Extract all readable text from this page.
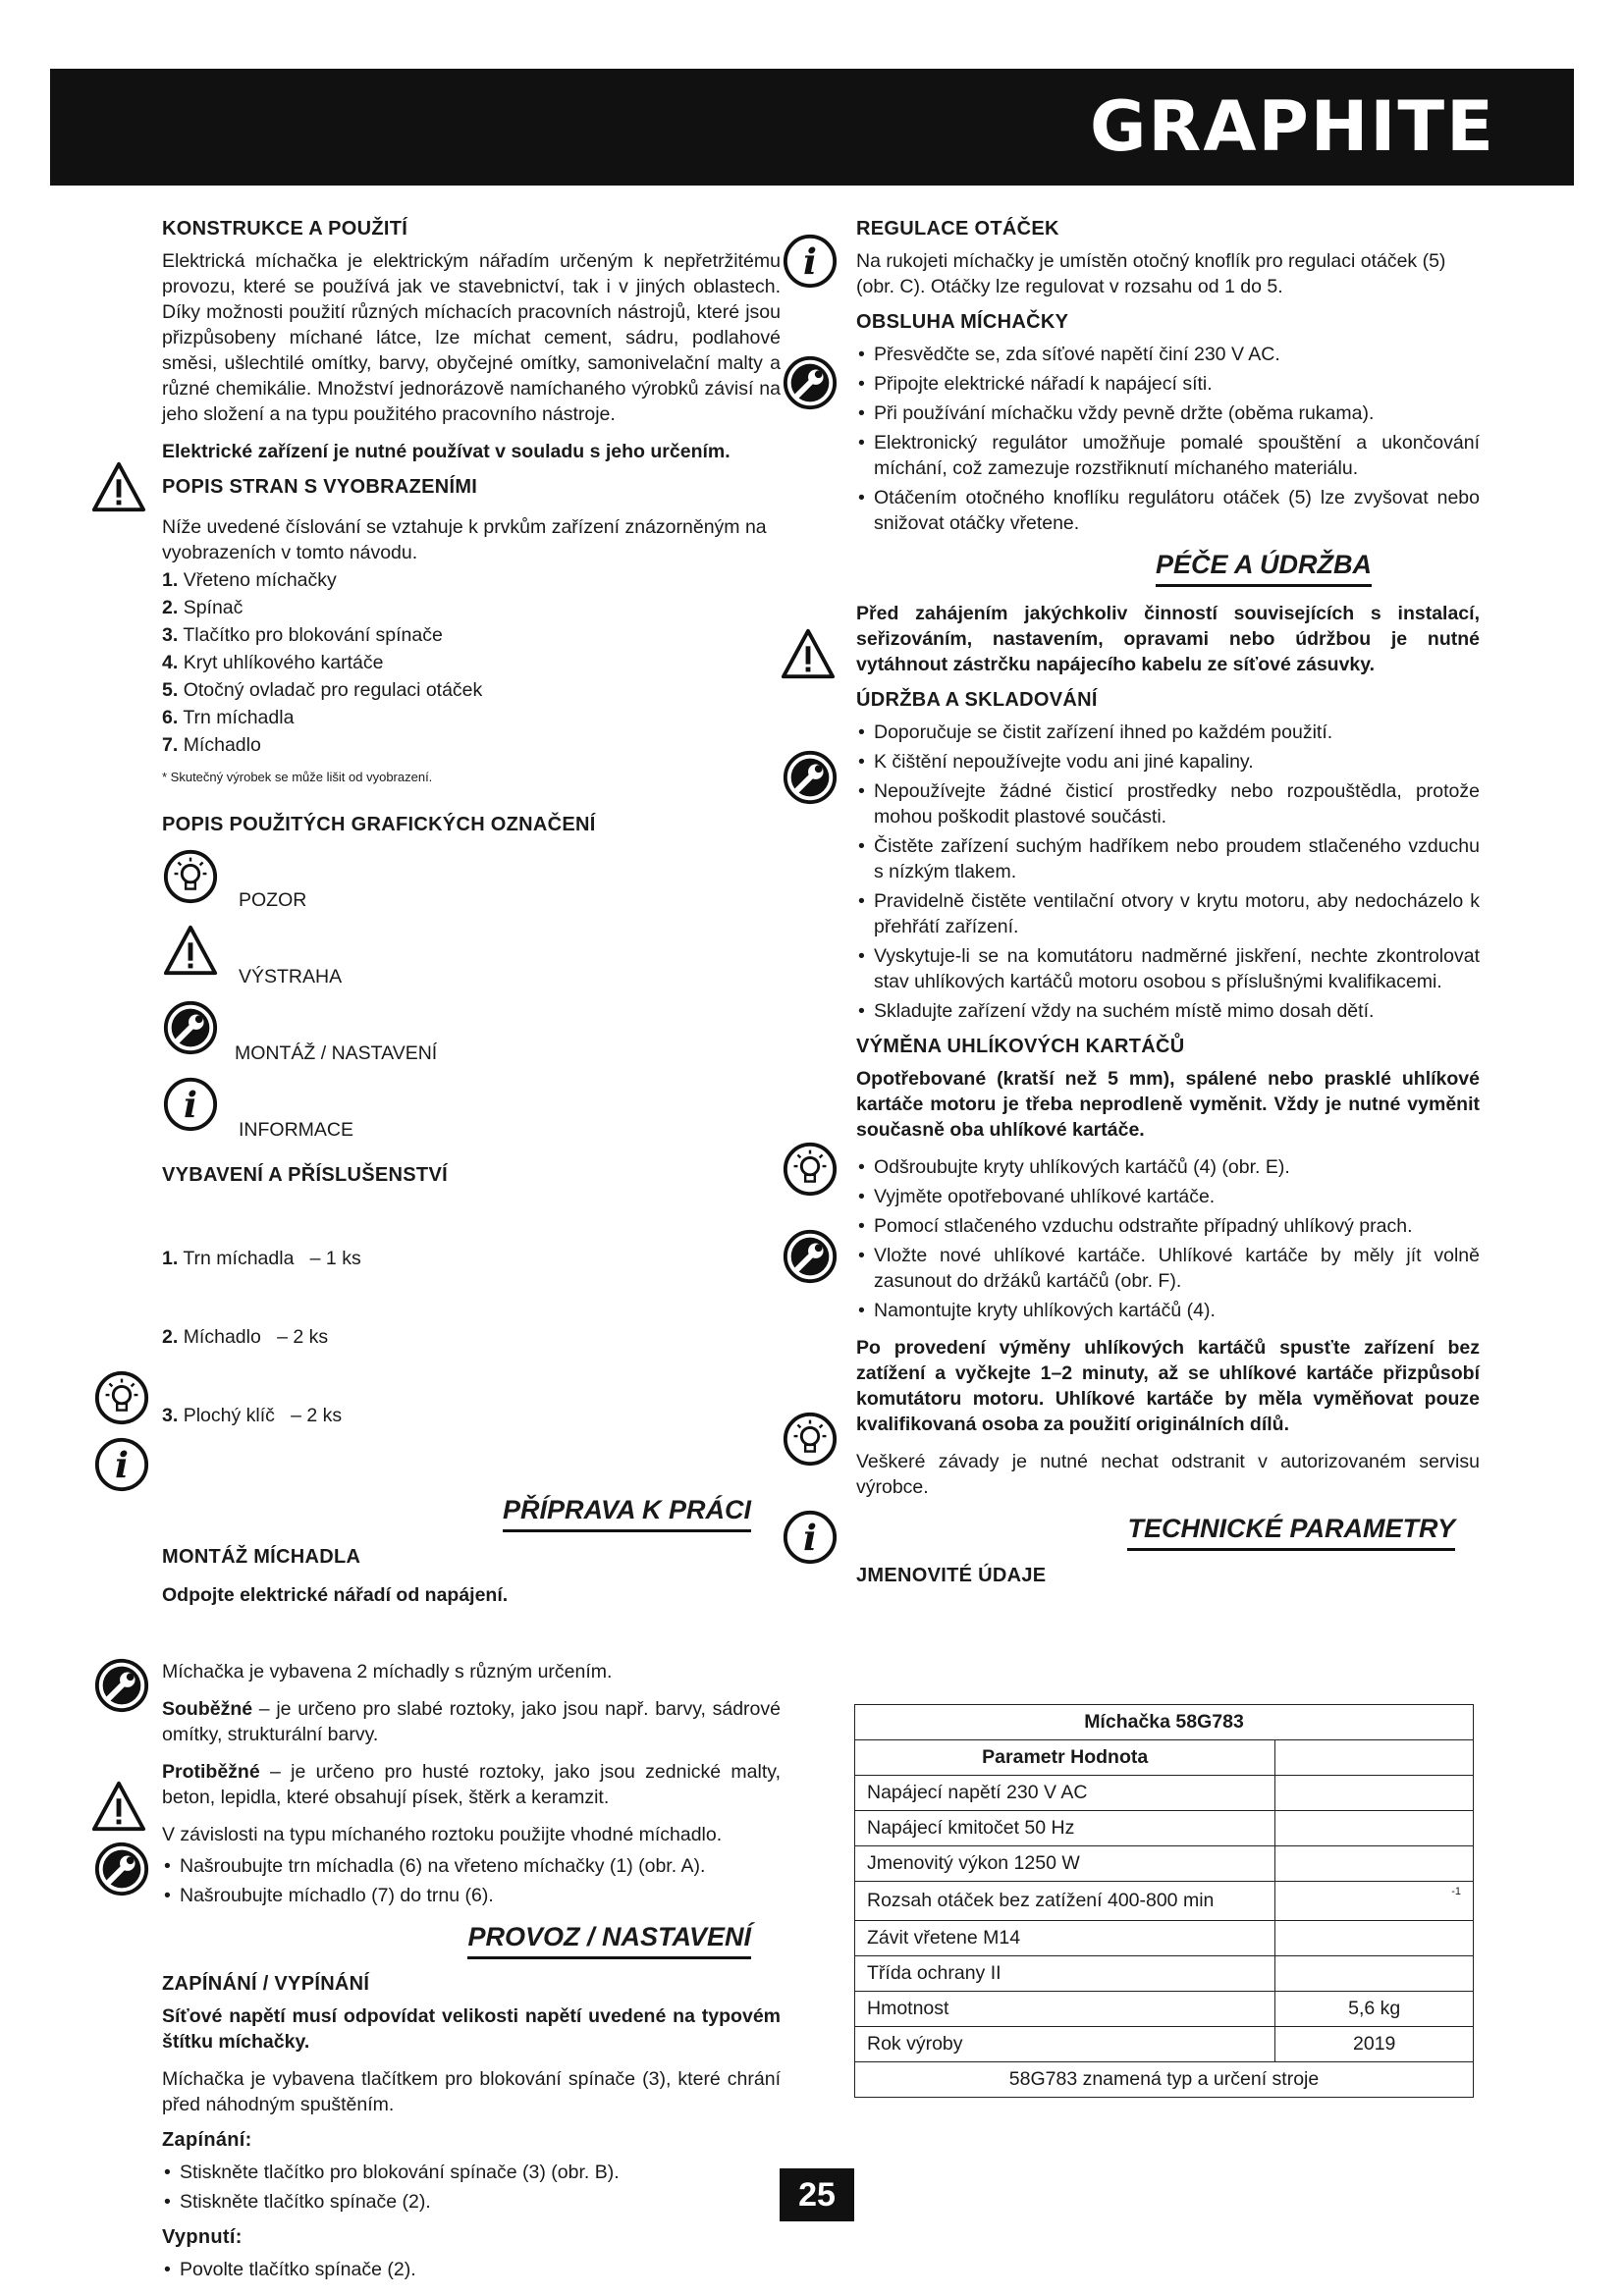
GRAPHITE
KONSTRUKCE A POUŽITÍ

Elektrická míchačka je elektrickým nářadím určeným k nepřetržitému provozu, které se používá jak ve stavebnictví, tak i v jiných oblastech. Díky možnosti použití různých míchacích pracovních nástrojů, které jsou přizpůsobeny míchané látce, lze míchat cement, sádru, podlahové směsi, ušlechtilé omítky, barvy, obyčejné omítky, samonivelační malty a různé chemikálie. Množství jednorázově namíchaného výrobků závisí na jeho složení a na typu použitého pracovního nástroje.

Elektrické zařízení je nutné používat v souladu s jeho určením.

POPIS STRAN S VYOBRAZENÍMI

Níže uvedené číslování se vztahuje k prvkům zařízení znázorněným na vyobrazeních v tomto návodu.

1. Vřeteno míchačky
2. Spínač
3. Tlačítko pro blokování spínače
4. Kryt uhlíkového kartáče
5. Otočný ovladač pro regulaci otáček
6. Trn míchadla
7. Míchadlo
* Skutečný výrobek se může lišit od vyobrazení.
POPIS POUŽITÝCH GRAFICKÝCH OZNAČENÍ
POZOR
VÝSTRAHA
MONTÁŽ / NASTAVENÍ
INFORMACE
VYBAVENÍ A PŘÍSLUŠENSTVÍ

1. Trn míchadla   – 1 ks

2. Míchadlo   – 2 ks

3. Plochý klíč   – 2 ks

PŘÍPRAVA K PRÁCI
MONTÁŽ MÍCHADLA

Odpojte elektrické nářadí od napájení.

Míchačka je vybavena 2 míchadly s různým určením.

Souběžné – je určeno pro slabé roztoky, jako jsou např. barvy, sádrové omítky, strukturální barvy.

Protiběžné – je určeno pro husté roztoky, jako jsou zednické malty, beton, lepidla, které obsahují písek, štěrk a keramzit.

V závislosti na typu míchaného roztoku použijte vhodné míchadlo.

• Našroubujte trn míchadla (6) na vřeteno míchačky (1) (obr. A).
• Našroubujte míchadlo (7) do trnu (6).
PROVOZ / NASTAVENÍ
ZAPÍNÁNÍ / VYPÍNÁNÍ

Síťové napětí musí odpovídat velikosti napětí uvedené na typovém štítku míchačky.

Míchačka je vybavena tlačítkem pro blokování spínače (3), které chrání před náhodným spuštěním.

Zapínání:
• Stiskněte tlačítko pro blokování spínače (3) (obr. B).
• Stiskněte tlačítko spínače (2).
Vypnutí:
• Povolte tlačítko spínače (2).
REGULACE OTÁČEK

Na rukojeti míchačky je umístěn otočný knoflík pro regulaci otáček (5) (obr. C). Otáčky lze regulovat v rozsahu od 1 do 5.

OBSLUHA MÍCHAČKY
• Přesvědčte se, zda síťové napětí činí 230 V AC.
• Připojte elektrické nářadí k napájecí síti.
• Při používání míchačku vždy pevně držte (oběma rukama).
• Elektronický regulátor umožňuje pomalé spouštění a ukončování míchání, což zamezuje rozstřiknutí míchaného materiálu.
• Otáčením otočného knoflíku regulátoru otáček (5) lze zvyšovat nebo snižovat otáčky vřetene.
PÉČE A ÚDRŽBA

Před zahájením jakýchkoliv činností souvisejících s instalací, seřizováním, nastavením, opravami nebo údržbou je nutné vytáhnout zástrčku napájecího kabelu ze síťové zásuvky.

ÚDRŽBA A SKLADOVÁNÍ
• Doporučuje se čistit zařízení ihned po každém použití.
• K čištění nepoužívejte vodu ani jiné kapaliny.
• Nepoužívejte žádné čisticí prostředky nebo rozpouštědla, protože mohou poškodit plastové součásti.
• Čistěte zařízení suchým hadříkem nebo proudem stlačeného vzduchu s nízkým tlakem.
• Pravidelně čistěte ventilační otvory v krytu motoru, aby nedocházelo k přehřátí zařízení.
• Vyskytuje-li se na komutátoru nadměrné jiskření, nechte zkontrolovat stav uhlíkových kartáčů motoru osobou s příslušnými kvalifikacemi.
• Skladujte zařízení vždy na suchém místě mimo dosah dětí.
VÝMĚNA UHLÍKOVÝCH KARTÁČŮ

Opotřebované (kratší než 5 mm), spálené nebo prasklé uhlíkové kartáče motoru je třeba neprodleně vyměnit. Vždy je nutné vyměnit současně oba uhlíkové kartáče.

• Odšroubujte kryty uhlíkových kartáčů (4) (obr. E).
• Vyjměte opotřebované uhlíkové kartáče.
• Pomocí stlačeného vzduchu odstraňte případný uhlíkový prach.
• Vložte nové uhlíkové kartáče. Uhlíkové kartáče by měly jít volně zasunout do držáků kartáčů (obr. F).
• Namontujte kryty uhlíkových kartáčů (4).

Po provedení výměny uhlíkových kartáčů spusťte zařízení bez zatížení a vyčkejte 1–2 minuty, až se uhlíkové kartáče přizpůsobí komutátoru motoru. Uhlíkové kartáče by měla vyměňovat pouze kvalifikovaná osoba za použití originálních dílů.

Veškeré závady je nutné nechat odstranit v autorizovaném servisu výrobce.

TECHNICKÉ PARAMETRY
JMENOVITÉ ÚDAJE
Míchačka 58G783	
Parametr Hodnota	
Napájecí napětí 230 V AC	
Napájecí kmitočet 50 Hz	
Jmenovitý výkon 1250 W	
Rozsah otáček bez zatížení 400-800 min	-1
Závit vřetene M14	
Třída ochrany II	
Hmotnost	5,6 kg
Rok výroby	2019
58G783 znamená typ a určení stroje	
25
